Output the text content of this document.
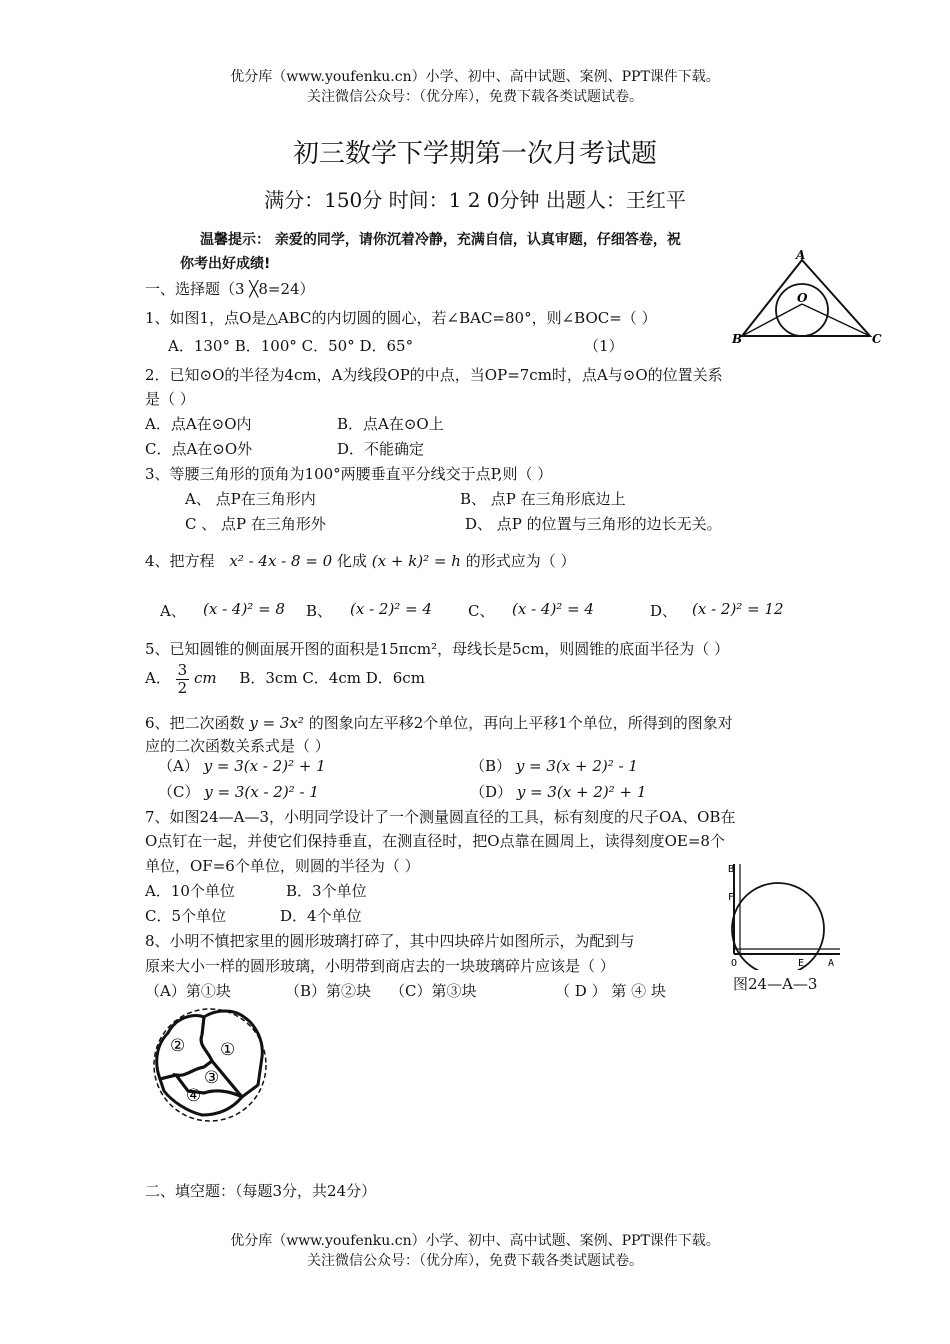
优分库（www.youfenku.cn）小学、初中、高中试题、案例、PPT课件下载。
关注微信公众号：（优分库），免费下载各类试题试卷。
初三数学下学期第一次月考试题
满分：150分 时间：1 2 0分钟 出题人：王红平
温馨提示： 亲爱的同学，请你沉着冷静，充满自信，认真审题，仔细答卷，祝
你考出好成绩!
一、选择题（3 ╳8=24）
1、如图1，点O是△ABC的内切圆的圆心，若∠BAC=80°，则∠BOC=（ ）
A．130° B．100° C．50° D．65°	（1）
A
O
B	C
2．已知⊙O的半径为4cm，A为线段OP的中点，当OP=7cm时，点A与⊙O的位置关系
是（ ）
A．点A在⊙O内	B．点A在⊙O上
C．点A在⊙O外	D．不能确定
3、等腰三角形的顶角为100°两腰垂直平分线交于点P,则（ ）
A、 点P在三角形内	B、 点P 在三角形底边上
C 、 点P 在三角形外	D、 点P 的位置与三角形的边长无关。
4、把方程 x² - 4x - 8 = 0 化成 (x + k)² = h 的形式应为（ ）
A、 (x - 4)² = 8 B、 (x - 2)² = 4 C、 (x - 4)² = 4	D、 (x - 2)² = 12
5、已知圆锥的侧面展开图的面积是15πcm²，母线长是5cm，则圆锥的底面半径为（ ）
A． $\frac{3}{2}$ cm B．3cm C．4cm D．6cm
6、把二次函数 y = 3x² 的图象向左平移2个单位，再向上平移1个单位，所得到的图象对
应的二次函数关系式是（ ）
（A） y = 3(x - 2)² + 1	（B） y = 3(x + 2)² - 1
（C） y = 3(x - 2)² - 1	（D） y = 3(x + 2)² + 1
7、如图24—A—3，小明同学设计了一个测量圆直径的工具，标有刻度的尺子OA、OB在
O点钉在一起，并使它们保持垂直，在测直径时，把O点靠在圆周上，读得刻度OE=8个
单位，OF=6个单位，则圆的半径为（ ）
A．10个单位	B．3个单位
C．5个单位	D．4个单位
B
F
O	E A
图24—A—3
8、小明不慎把家里的圆形玻璃打碎了，其中四块碎片如图所示，为配到与
原来大小一样的圆形玻璃，小明带到商店去的一块玻璃碎片应该是（ ）
（A）第①块	（B）第②块 （C）第③块	（ D ） 第 ④ 块
② ①
③
④
二、填空题：（每题3分，共24分）
优分库（www.youfenku.cn）小学、初中、高中试题、案例、PPT课件下载。
关注微信公众号：（优分库），免费下载各类试题试卷。
